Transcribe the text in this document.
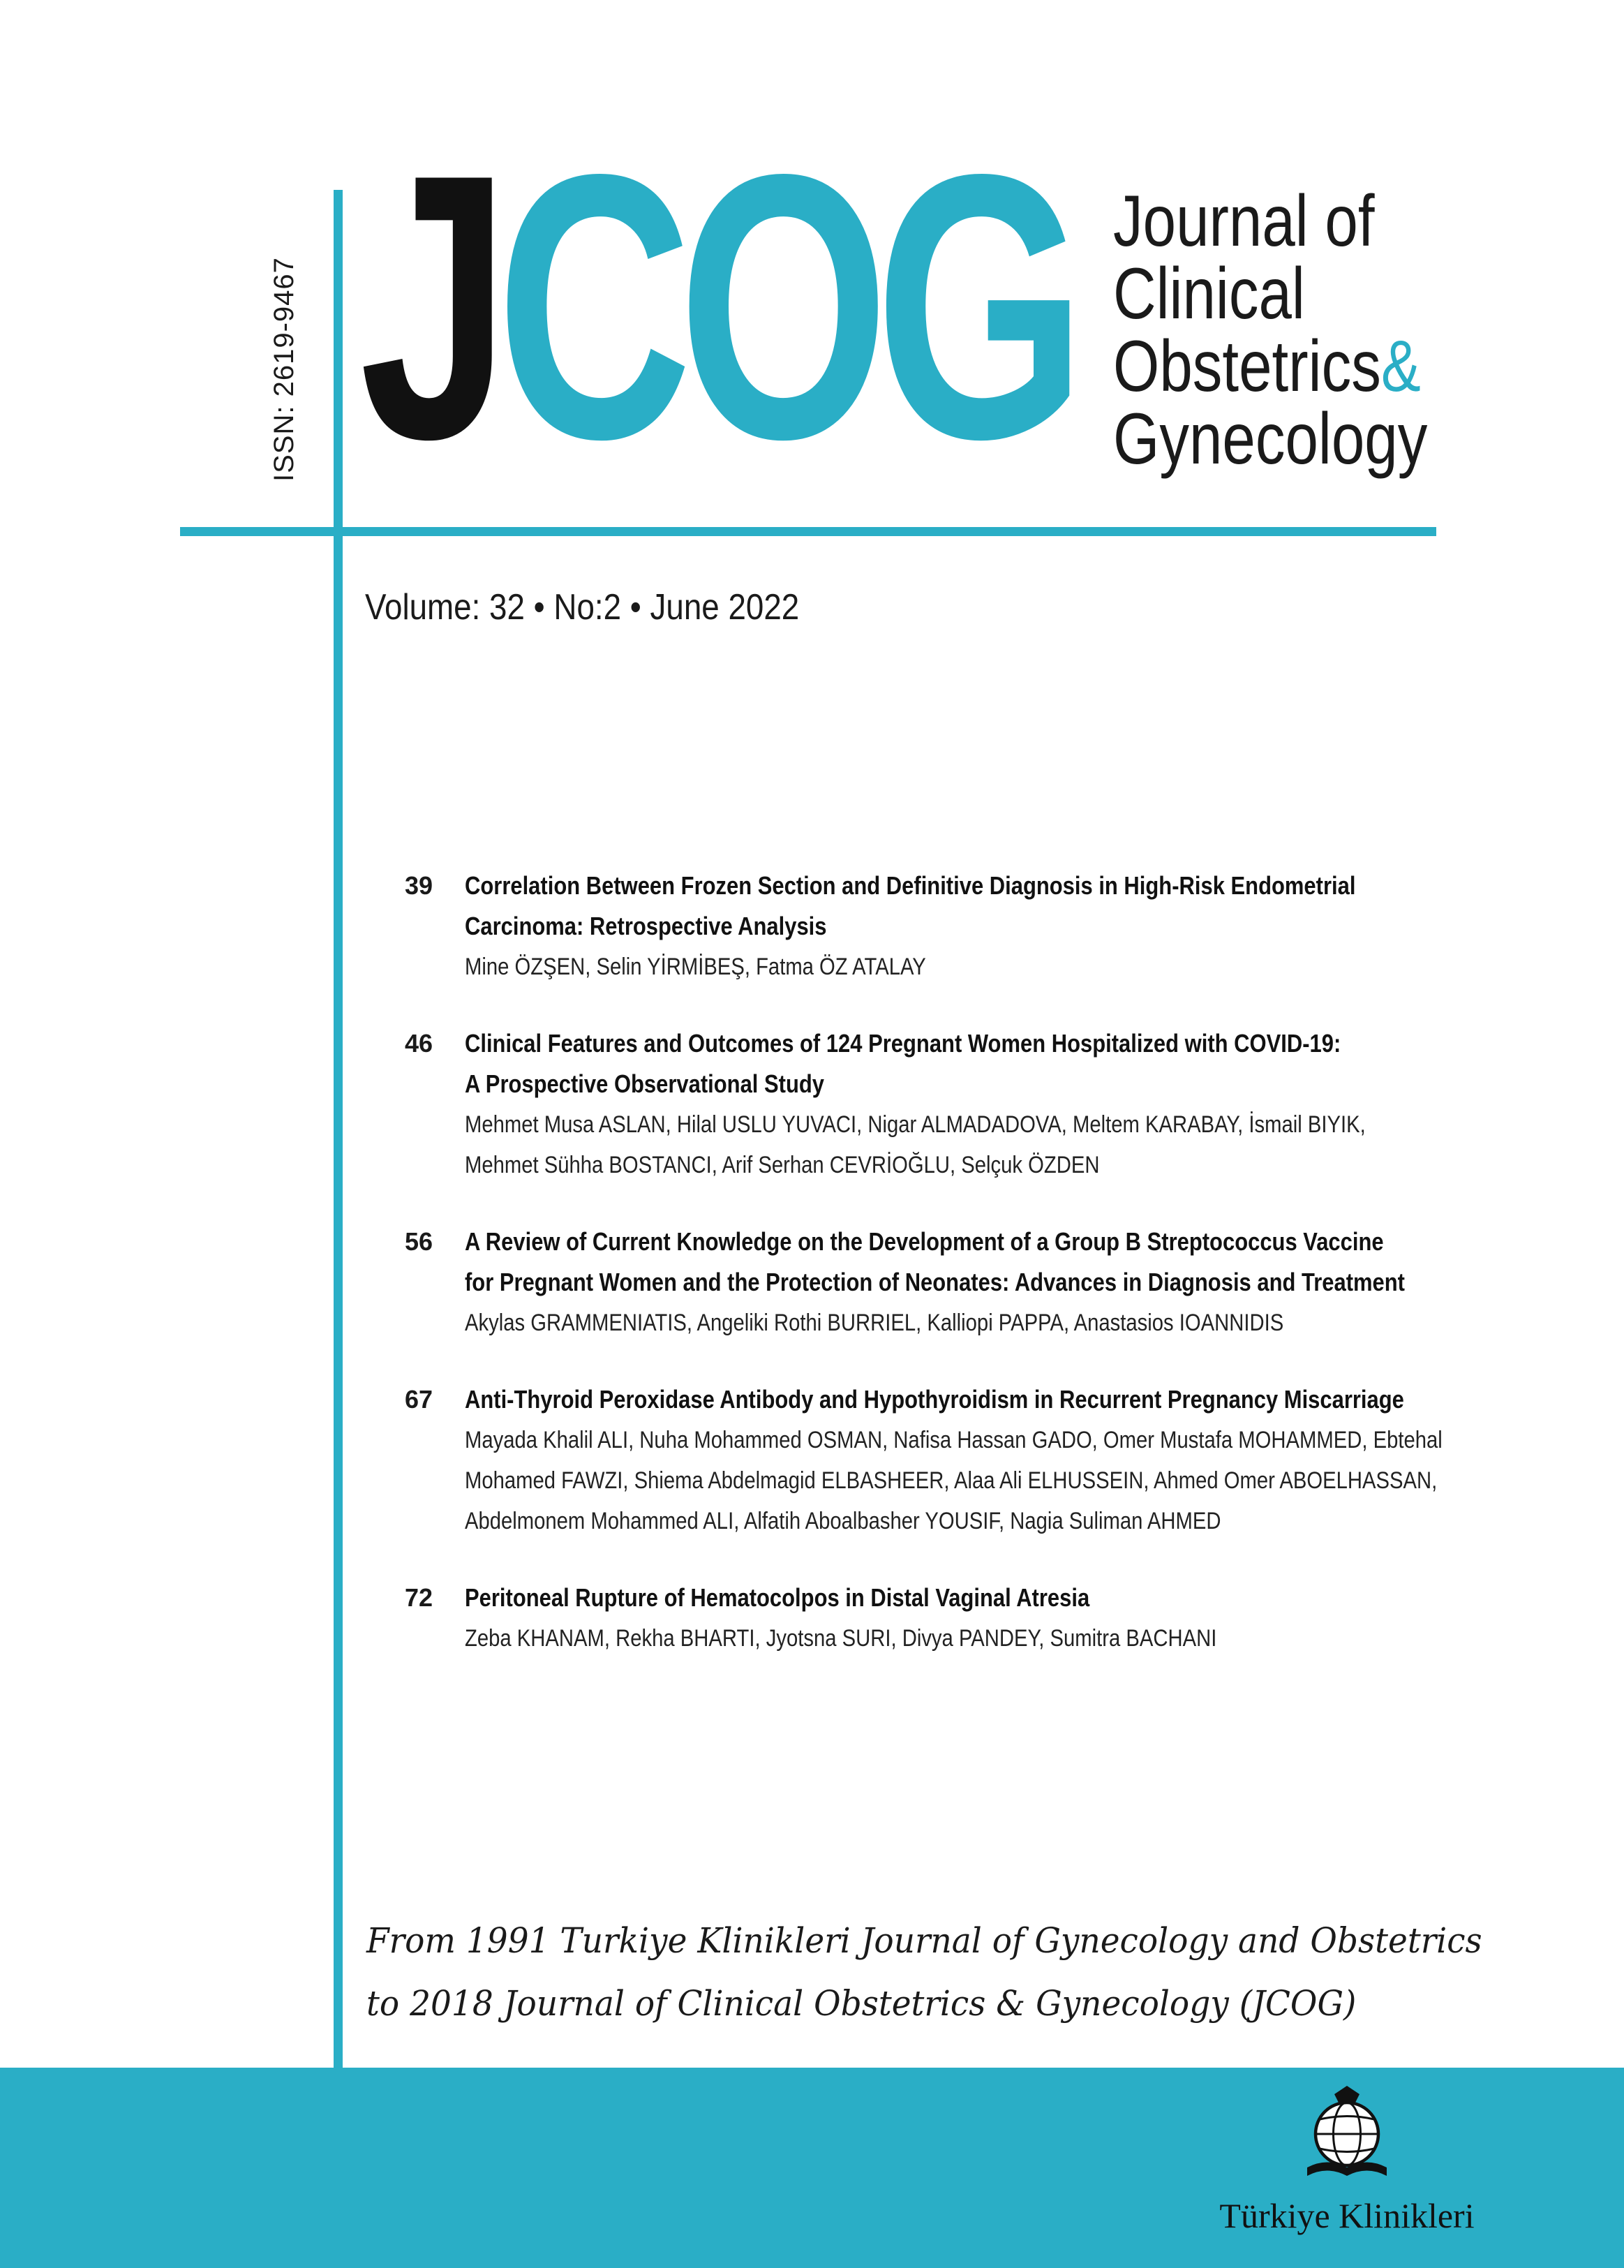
ISSN: 2619-9467 JCOG Journal of
Clinical
Obstetrics&
Gynecology
Volume: 32 • No:2 • June 2022
39 Correlation Between Frozen Section and Definitive Diagnosis in High-Risk Endometrial
Carcinoma: Retrospective Analysis
Mine ÖZŞEN, Selin YİRMİBEŞ, Fatma ÖZ ATALAY
46 Clinical Features and Outcomes of 124 Pregnant Women Hospitalized with COVID-19:
A Prospective Observational Study
Mehmet Musa ASLAN, Hilal USLU YUVACI, Nigar ALMADADOVA, Meltem KARABAY, İsmail BIYIK,
Mehmet Sühha BOSTANCI, Arif Serhan CEVRİOĞLU, Selçuk ÖZDEN
56 A Review of Current Knowledge on the Development of a Group B Streptococcus Vaccine
for Pregnant Women and the Protection of Neonates: Advances in Diagnosis and Treatment
Akylas GRAMMENIATIS, Angeliki Rothi BURRIEL, Kalliopi PAPPA, Anastasios IOANNIDIS
67 Anti-Thyroid Peroxidase Antibody and Hypothyroidism in Recurrent Pregnancy Miscarriage
Mayada Khalil ALI, Nuha Mohammed OSMAN, Nafisa Hassan GADO, Omer Mustafa MOHAMMED, Ebtehal
Mohamed FAWZI, Shiema Abdelmagid ELBASHEER, Alaa Ali ELHUSSEIN, Ahmed Omer ABOELHASSAN,
Abdelmonem Mohammed ALI, Alfatih Aboalbasher YOUSIF, Nagia Suliman AHMED
72 Peritoneal Rupture of Hematocolpos in Distal Vaginal Atresia
Zeba KHANAM, Rekha BHARTI, Jyotsna SURI, Divya PANDEY, Sumitra BACHANI
From 1991 Turkiye Klinikleri Journal of Gynecology and Obstetrics
to 2018 Journal of Clinical Obstetrics & Gynecology (JCOG)
Türkiye Klinikleri
